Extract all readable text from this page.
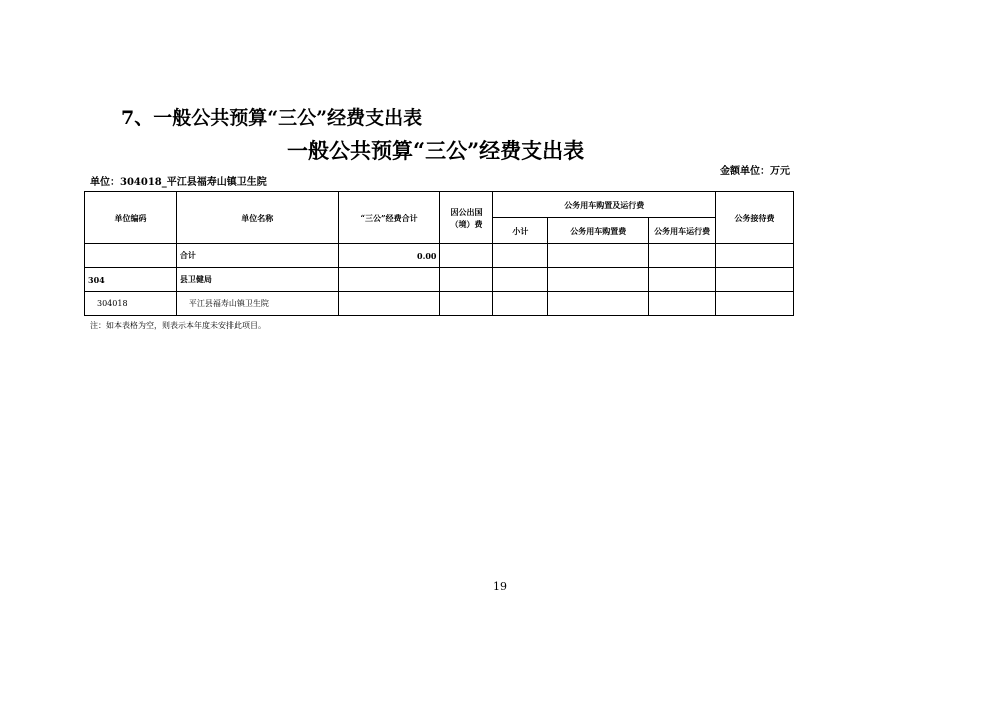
7、一般公共预算“三公”经费支出表
一般公共预算“三公”经费支出表
单位：304018_平江县福寿山镇卫生院
金额单位：万元
单位编码	单位名称	“三公”经费合计	因公出国（境）费	公务用车购置及运行费			公务接待费
				小计	公务用车购置费	公务用车运行费	
	合计	0.00					
304	县卫健局						
304018	平江县福寿山镇卫生院						
注：如本表格为空，则表示本年度未安排此项目。
19
